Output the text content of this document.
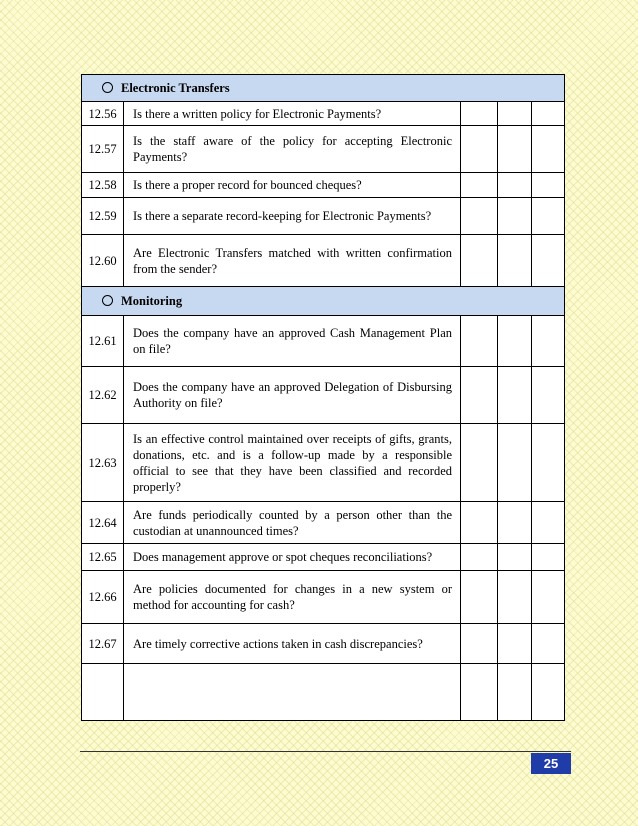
Electronic Transfers				
12.56	Is there a written policy for Electronic Payments?			
12.57	Is the staff aware of the policy for accepting Electronic Payments?			
12.58	Is there a proper record for bounced cheques?			
12.59	Is there a separate record-keeping for Electronic Payments?			
12.60	Are Electronic Transfers matched with written confirmation from the sender?			
Monitoring				
12.61	Does the company have an approved Cash Management Plan on file?			
12.62	Does the company have an approved Delegation of Disbursing Authority on file?			
12.63	Is an effective control maintained over receipts of gifts, grants, donations, etc. and is a follow-up made by a responsible official to see that they have been classified and recorded properly?			
12.64	Are funds periodically counted by a person other than the custodian at unannounced times?			
12.65	Does management approve or spot cheques reconciliations?			
12.66	Are policies documented for changes in a new system or method for accounting for cash?			
12.67	Are timely corrective actions taken in cash discrepancies?			

25
